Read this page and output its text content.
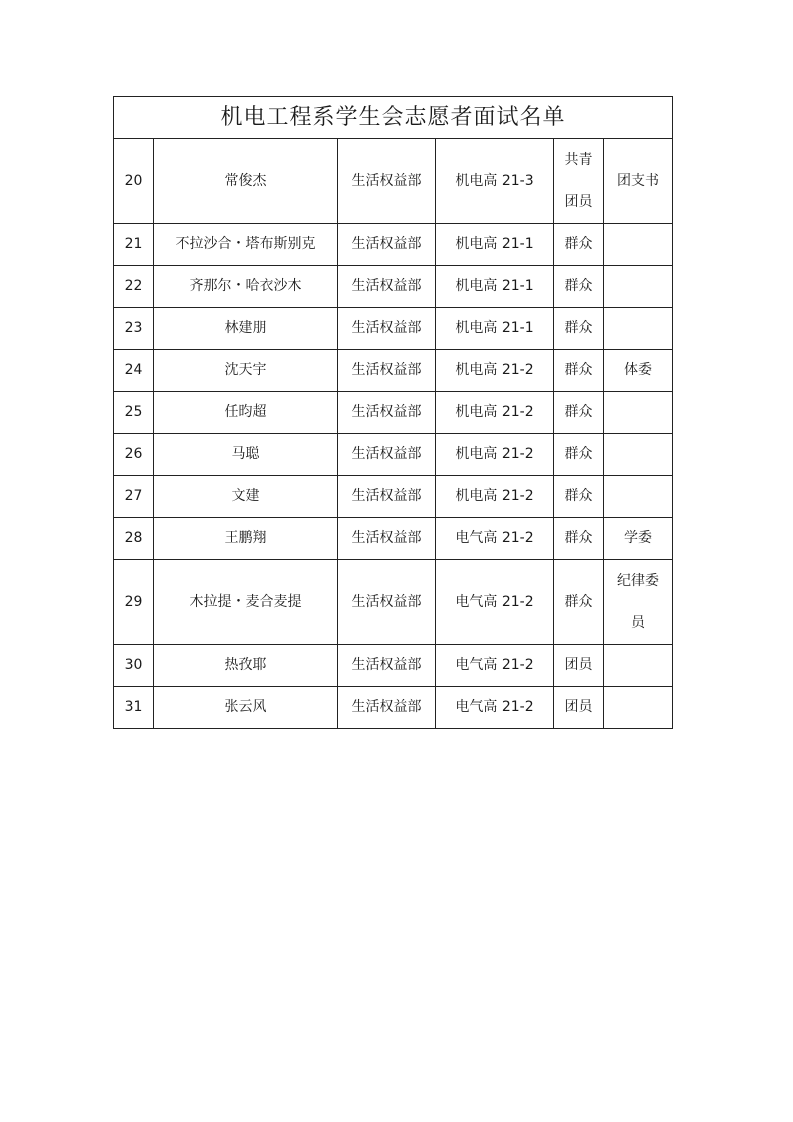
机电工程系学生会志愿者面试名单					
20	常俊杰	生活权益部	机电高 21-3	共青团员	团支书
21	不拉沙合・塔布斯别克	生活权益部	机电高 21-1	群众	
22	齐那尔・哈衣沙木	生活权益部	机电高 21-1	群众	
23	林建朋	生活权益部	机电高 21-1	群众	
24	沈天宇	生活权益部	机电高 21-2	群众	体委
25	任昀超	生活权益部	机电高 21-2	群众	
26	马聪	生活权益部	机电高 21-2	群众	
27	文建	生活权益部	机电高 21-2	群众	
28	王鹏翔	生活权益部	电气高 21-2	群众	学委
29	木拉提・麦合麦提	生活权益部	电气高 21-2	群众	纪律委员

30	热孜耶	生活权益部	电气高 21-2	团员	
31	张云风	生活权益部	电气高 21-2	团员	
